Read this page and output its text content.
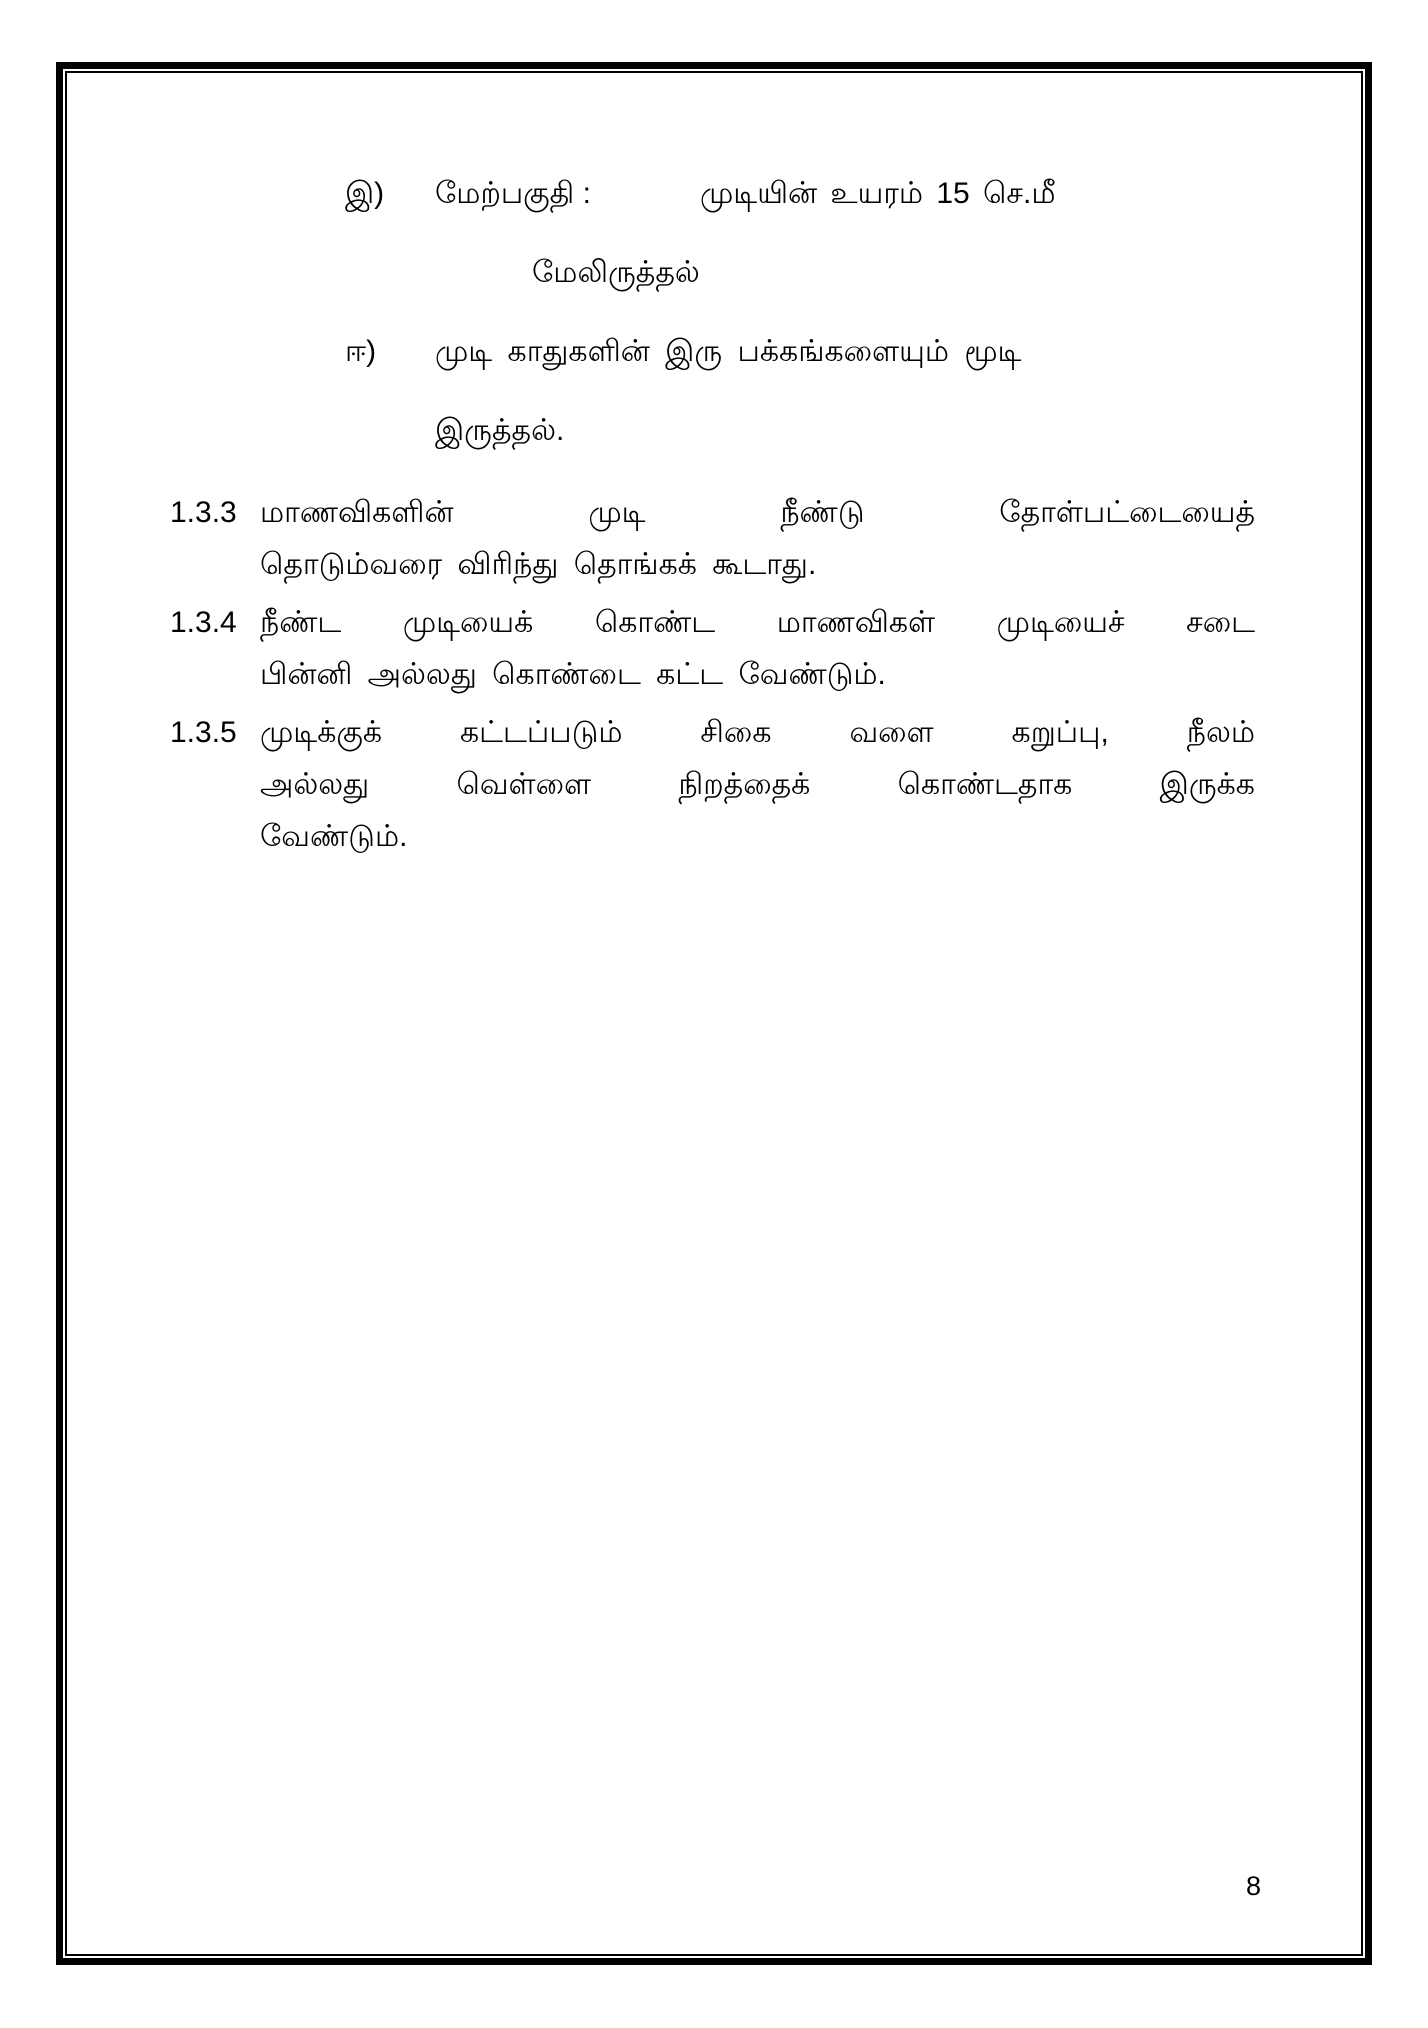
இ) மேற்பகுதி :	முடியின் உயரம் 15 செ.மீ
மேலிருத்தல்
ஈ) முடி காதுகளின் இரு பக்கங்களையும் மூடி
இருத்தல்.
1.3.3 மாணவிகளின் முடி நீண்டு தோள்பட்டையைத்
தொடும்வரை விரிந்து தொங்கக் கூடாது.
1.3.4 நீண்ட முடியைக் கொண்ட மாணவிகள் முடியைச் சடை
பின்னி அல்லது கொண்டை கட்ட வேண்டும்.
1.3.5 முடிக்குக் கட்டப்படும் சிகை வளை கறுப்பு, நீலம்
அல்லது வெள்ளை நிறத்தைக் கொண்டதாக இருக்க
வேண்டும்.
8
